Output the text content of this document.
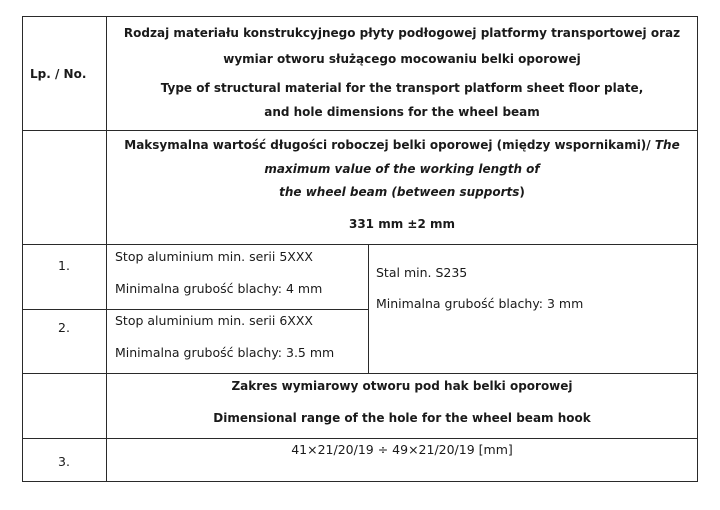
Lp. / No.
Rodzaj materiału konstrukcyjnego płyty podłogowej platformy transportowej oraz
wymiar otworu służącego mocowaniu belki oporowej
Type of structural material for the transport platform sheet floor plate,
and hole dimensions for the wheel beam
Maksymalna wartość długości roboczej belki oporowej (między wspornikami)/ The
maximum value of the working length of
the wheel beam (between supports)
331 mm ±2 mm
1.
Stop aluminium min. serii 5XXX
Minimalna grubość blachy: 4 mm
2.	Stop aluminium min. serii 6XXX
Minimalna grubość blachy: 3.5 mm
Stal min. S235
Minimalna grubość blachy: 3 mm
Zakres wymiarowy otworu pod hak belki oporowej
Dimensional range of the hole for the wheel beam hook
3.
41×21/20/19 ÷ 49×21/20/19 [mm]
